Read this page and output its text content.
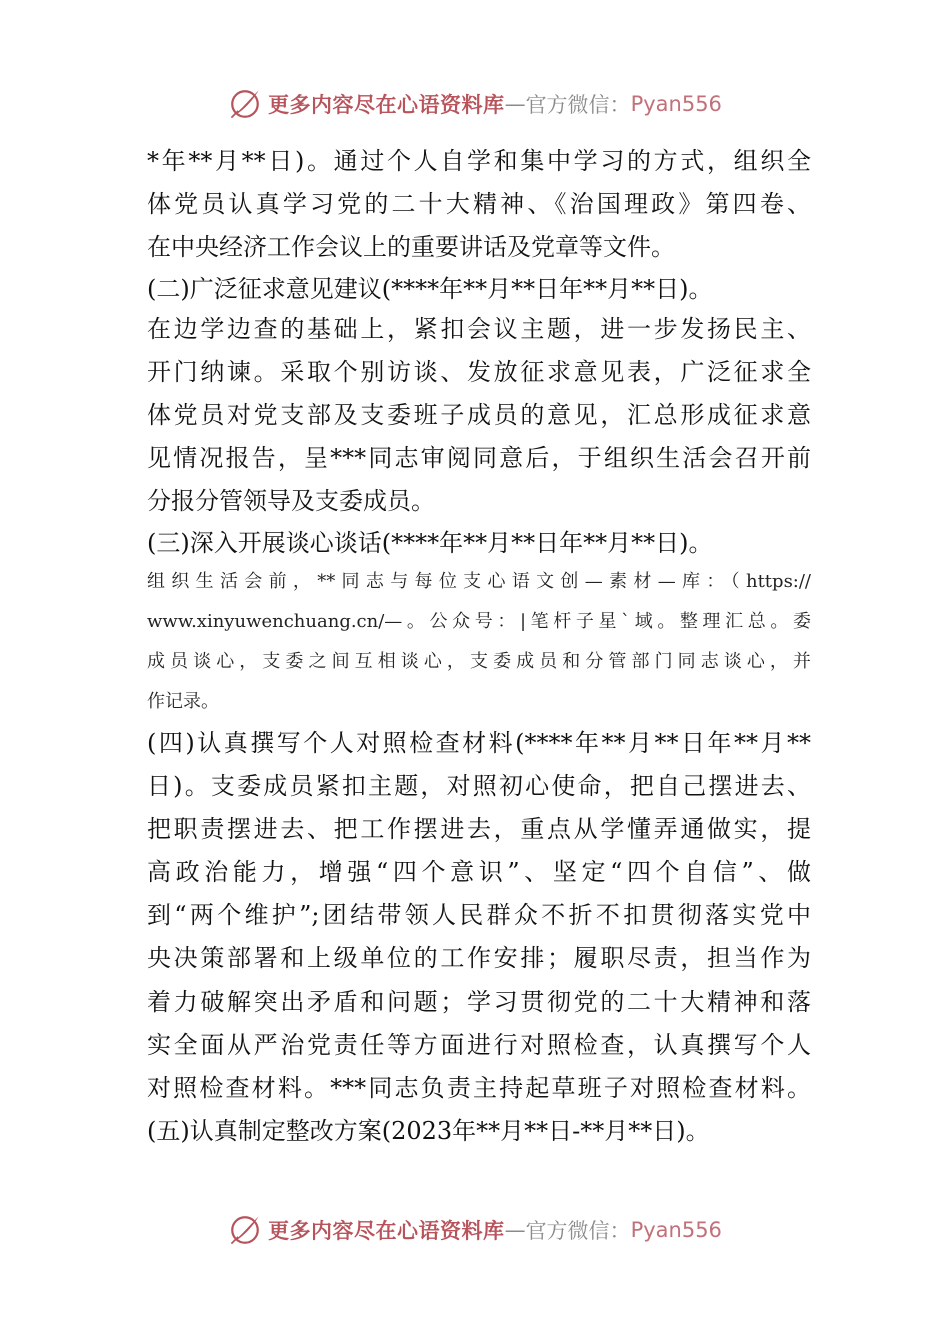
更多内容尽在心语资料库 — 官方微信： Pyan556
*年**月**日)。通过个人自学和集中学习的方式，组织全
体党员认真学习党的二十大精神、《治国理政》第四卷、
在中央经济工作会议上的重要讲话及党章等文件。
(二)广泛征求意见建议(****年**月**日年**月**日)。
在边学边查的基础上，紧扣会议主题，进一步发扬民主、
开门纳谏。采取个别访谈、发放征求意见表，广泛征求全
体党员对党支部及支委班子成员的意见，汇总形成征求意
见情况报告，呈***同志审阅同意后，于组织生活会召开前
分报分管领导及支委成员。
(三)深入开展谈心谈话(****年**月**日年**月**日)。
组织生活会前，**同志与每位支心语文创—素材—库：（https://
www.xinyuwenchuang.cn/—。公众号：|笔杆子星`域。整理汇总。委
成员谈心，支委之间互相谈心，支委成员和分管部门同志谈心，并
作记录。
(四)认真撰写个人对照检查材料(****年**月**日年**月**
日)。支委成员紧扣主题，对照初心使命，把自己摆进去、
把职责摆进去、把工作摆进去，重点从学懂弄通做实，提
高政治能力，增强“四个意识”、坚定“四个自信”、做
到“两个维护”;团结带领人民群众不折不扣贯彻落实党中
央决策部署和上级单位的工作安排；履职尽责，担当作为
着力破解突出矛盾和问题；学习贯彻党的二十大精神和落
实全面从严治党责任等方面进行对照检查，认真撰写个人
对照检查材料。***同志负责主持起草班子对照检查材料。
(五)认真制定整改方案(2023年**月**日-**月**日)。
更多内容尽在心语资料库 — 官方微信： Pyan556
